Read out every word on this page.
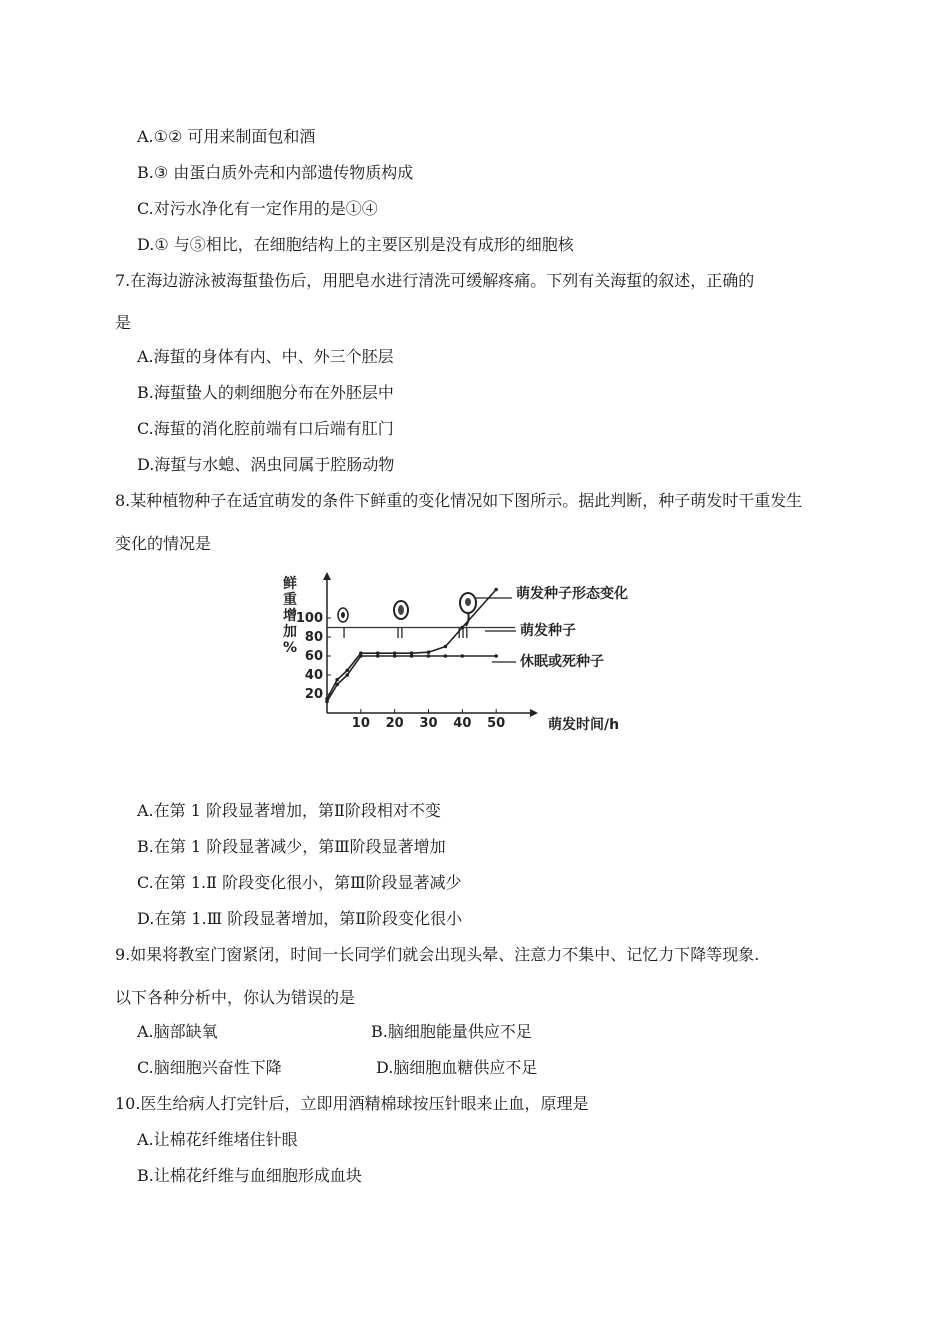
A.①② 可用来制面包和酒
B.③ 由蛋白质外壳和内部遗传物质构成
C.对污水净化有一定作用的是①④
D.① 与⑤相比，在细胞结构上的主要区别是没有成形的细胞核
7.在海边游泳被海蜇蛰伤后，用肥皂水进行清洗可缓解疼痛。下列有关海蜇的叙述，正确的
是
A.海蜇的身体有内、中、外三个胚层
B.海蜇蛰人的刺细胞分布在外胚层中
C.海蜇的消化腔前端有口后端有肛门
D.海蜇与水螅、涡虫同属于腔肠动物
8.某种植物种子在适宜萌发的条件下鲜重的变化情况如下图所示。据此判断，种子萌发时干重发生
变化的情况是
10 20 30 40 50
20
40
60
80
100
鲜
重
增
加
%
萌发时间/h
I	II	III
萌发种子形态变化
萌发种子
休眠或死种子
A.在第 1 阶段显著增加，第Ⅱ阶段相对不变
B.在第 1 阶段显著减少，第Ⅲ阶段显著增加
C.在第 1.Ⅱ 阶段变化很小，第Ⅲ阶段显著减少
D.在第 1.Ⅲ 阶段显著增加，第Ⅱ阶段变化很小
9.如果将教室门窗紧闭，时间一长同学们就会出现头晕、注意力不集中、记忆力下降等现象.
以下各种分析中，你认为错误的是
A.脑部缺氧	B.脑细胞能量供应不足
C.脑细胞兴奋性下降	D.脑细胞血糖供应不足
10.医生给病人打完针后，立即用酒精棉球按压针眼来止血，原理是
A.让棉花纤维堵住针眼
B.让棉花纤维与血细胞形成血块
